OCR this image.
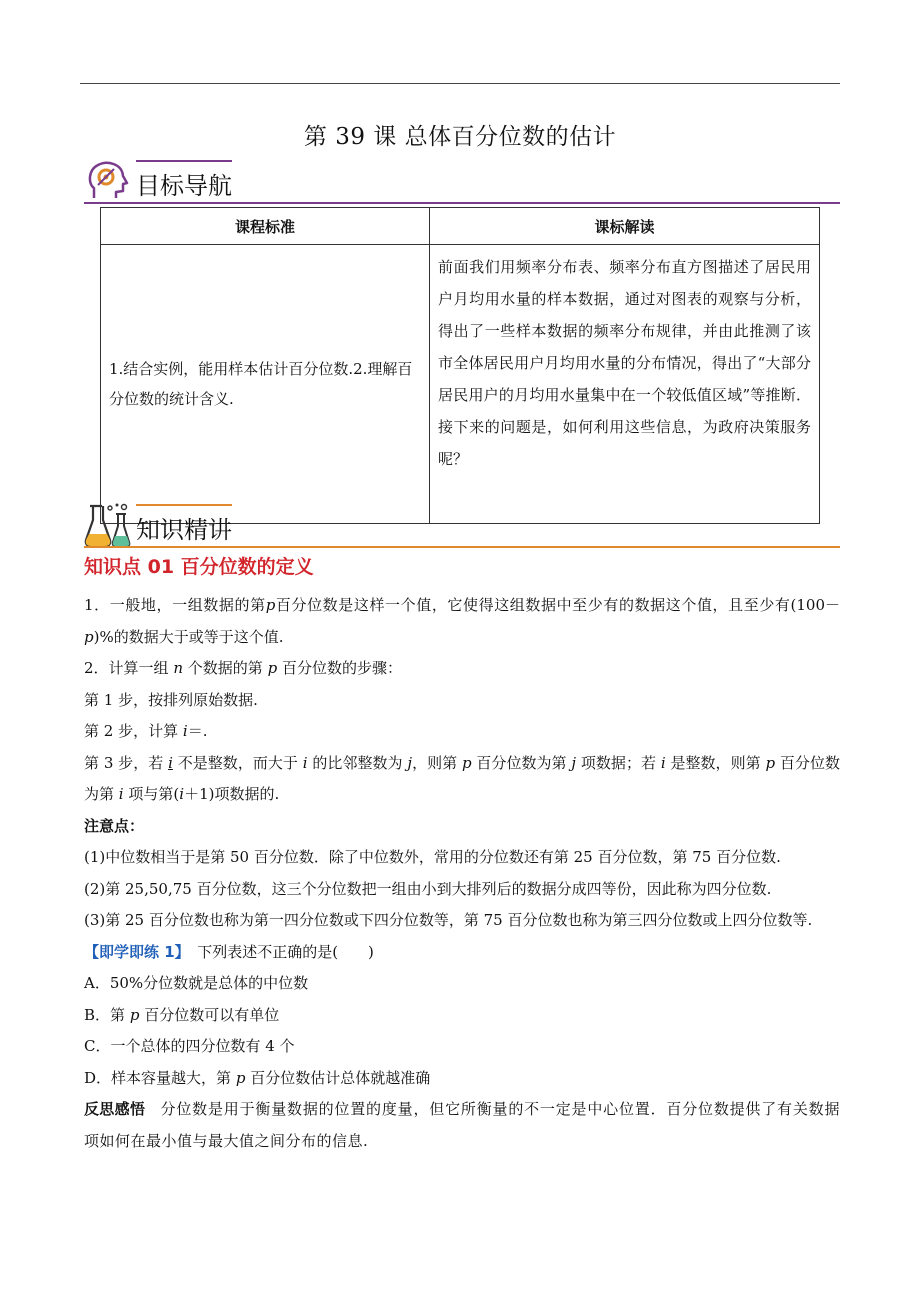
第 39 课 总体百分位数的估计
目标导航
课程标准	课标解读
1.结合实例，能用样本估计百分位数.2.理解百分位数的统计含义.	前面我们用频率分布表、频率分布直方图描述了居民用户月均用水量的样本数据，通过对图表的观察与分析，得出了一些样本数据的频率分布规律，并由此推测了该市全体居民用户月均用水量的分布情况，得出了“大部分居民用户的月均用水量集中在一个较低值区域”等推断．接下来的问题是，如何利用这些信息，为政府决策服务呢？
知识精讲
知识点 01 百分位数的定义

1．一般地，一组数据的第p百分位数是这样一个值，它使得这组数据中至少有的数据这个值，且至少有(100－p)%的数据大于或等于这个值.

2．计算一组 n 个数据的第 p 百分位数的步骤：

第 1 步，按排列原始数据.

第 2 步，计算 i＝.

第 3 步，若 i 不是整数，而大于 i 的比邻整数为 j，则第 p 百分位数为第 j 项数据；若 i 是整数，则第 p 百分位数为第 i 项与第(i＋1)项数据的.

注意点：

(1)中位数相当于是第 50 百分位数．除了中位数外，常用的分位数还有第 25 百分位数，第 75 百分位数.

(2)第 25,50,75 百分位数，这三个分位数把一组由小到大排列后的数据分成四等份，因此称为四分位数.

(3)第 25 百分位数也称为第一四分位数或下四分位数等，第 75 百分位数也称为第三四分位数或上四分位数等.

【即学即练 1】　 下列表述不正确的是(　　)

A．50%分位数就是总体的中位数

B．第 p 百分位数可以有单位

C．一个总体的四分位数有 4 个

D．样本容量越大，第 p 百分位数估计总体就越准确

反思感悟　 分位数是用于衡量数据的位置的度量，但它所衡量的不一定是中心位置．百分位数提供了有关数据项如何在最小值与最大值之间分布的信息.
